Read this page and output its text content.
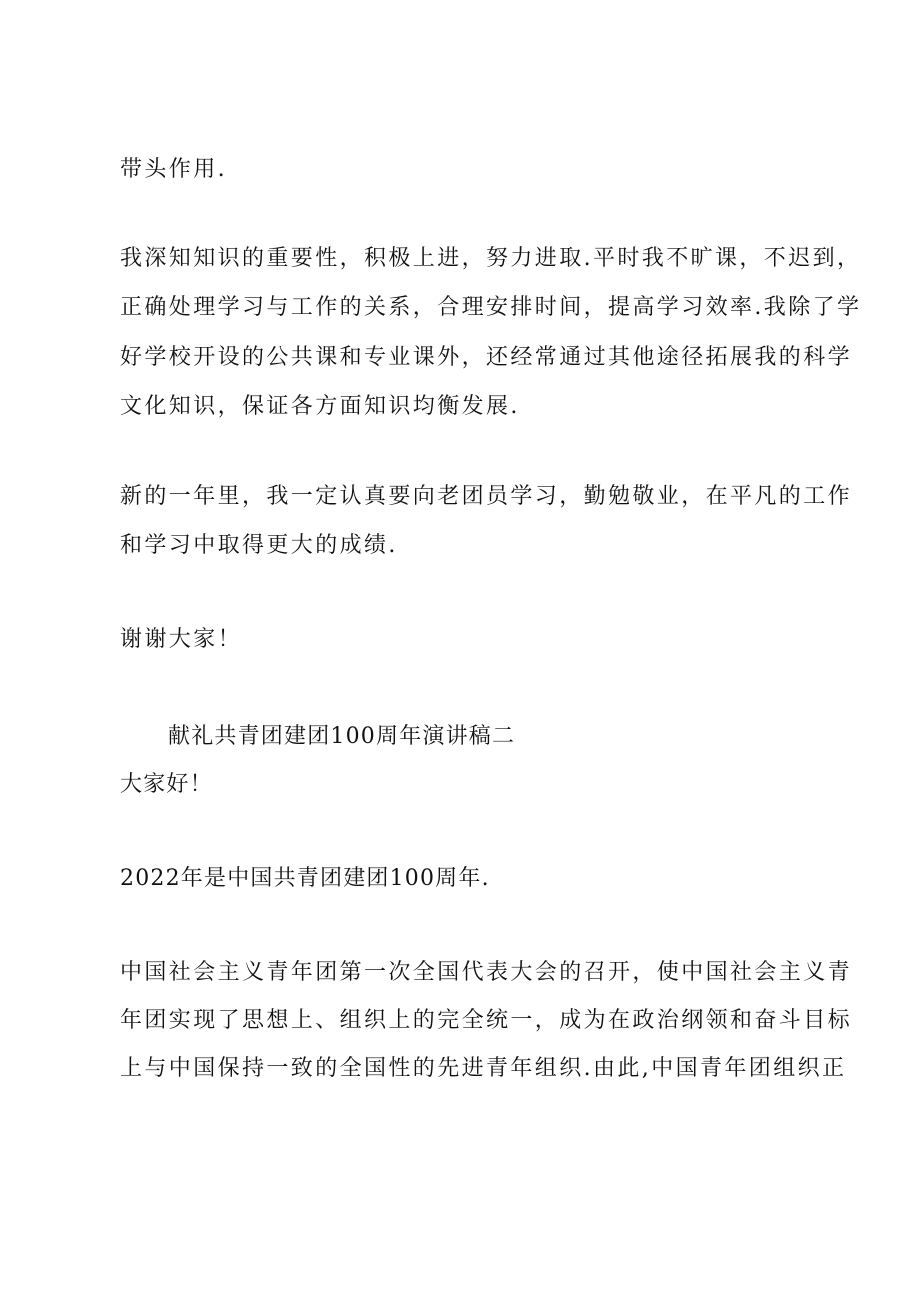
带头作用.
我深知知识的重要性，积极上进，努力进取.平时我不旷课，不迟到，
正确处理学习与工作的关系，合理安排时间，提高学习效率.我除了学
好学校开设的公共课和专业课外，还经常通过其他途径拓展我的科学
文化知识，保证各方面知识均衡发展.
新的一年里，我一定认真要向老团员学习，勤勉敬业，在平凡的工作
和学习中取得更大的成绩.
谢谢大家！
献礼共青团建团100周年演讲稿二
大家好！
2022年是中国共青团建团100周年.
中国社会主义青年团第一次全国代表大会的召开，使中国社会主义青
年团实现了思想上、组织上的完全统一，成为在政治纲领和奋斗目标
上与中国保持一致的全国性的先进青年组织.由此,中国青年团组织正
